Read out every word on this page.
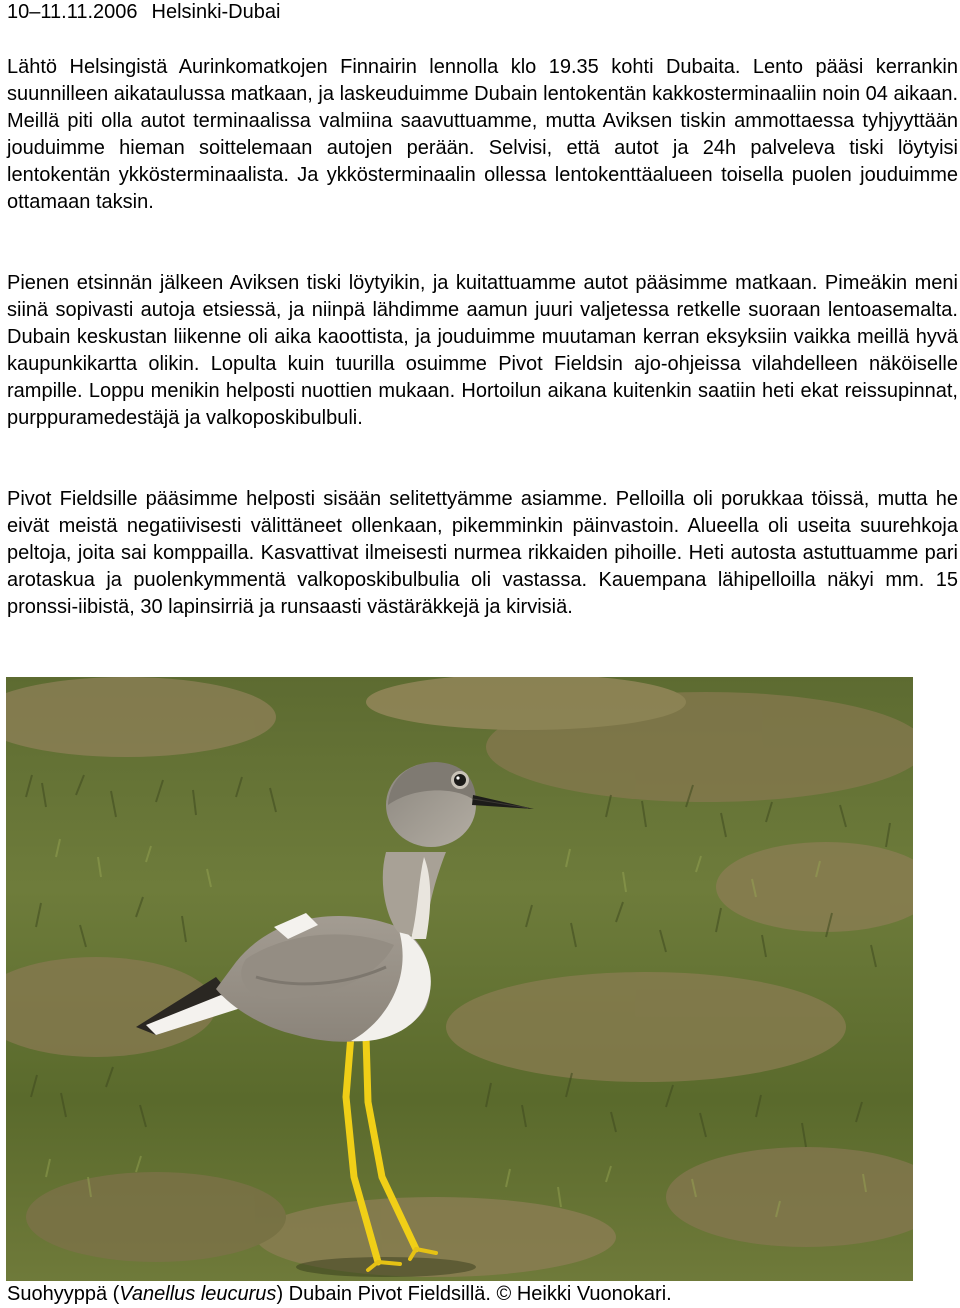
10–11.11.2006 Helsinki-Dubai

Lähtö Helsingistä Aurinkomatkojen Finnairin lennolla klo 19.35 kohti Dubaita. Lento pääsi kerrankin suunnilleen aikataulussa matkaan, ja laskeuduimme Dubain lentokentän kakkosterminaaliin noin 04 aikaan. Meillä piti olla autot terminaalissa valmiina saavuttuamme, mutta Aviksen tiskin ammottaessa tyhjyyttään jouduimme hieman soittelemaan autojen perään. Selvisi, että autot ja 24h palveleva tiski löytyisi lentokentän ykkösterminaalista. Ja ykkösterminaalin ollessa lentokenttäalueen toisella puolen jouduimme ottamaan taksin.

Pienen etsinnän jälkeen Aviksen tiski löytyikin, ja kuitattuamme autot pääsimme matkaan. Pimeäkin meni siinä sopivasti autoja etsiessä, ja niinpä lähdimme aamun juuri valjetessa retkelle suoraan lentoasemalta. Dubain keskustan liikenne oli aika kaoottista, ja jouduimme muutaman kerran eksyksiin vaikka meillä hyvä kaupunkikartta olikin. Lopulta kuin tuurilla osuimme Pivot Fieldsin ajo-ohjeissa vilahdelleen näköiselle rampille. Loppu menikin helposti nuottien mukaan. Hortoilun aikana kuitenkin saatiin heti ekat reissupinnat, purppuramedestäjä ja valkoposkibulbuli.

Pivot Fieldsille pääsimme helposti sisään selitettyämme asiamme. Pelloilla oli porukkaa töissä, mutta he eivät meistä negatiivisesti välittäneet ollenkaan, pikemminkin päinvastoin. Alueella oli useita suurehkoja peltoja, joita sai komppailla. Kasvattivat ilmeisesti nurmea rikkaiden pihoille. Heti autosta astuttuamme pari arotaskua ja puolenkymmentä valkoposkibulbulia oli vastassa. Kauempana lähipelloilla näkyi mm. 15 pronssi-iibistä, 30 lapinsirriä ja runsaasti västäräkkejä ja kirvisiä.

Suohyyppä (Vanellus leucurus) Dubain Pivot Fieldsillä. © Heikki Vuonokari.
